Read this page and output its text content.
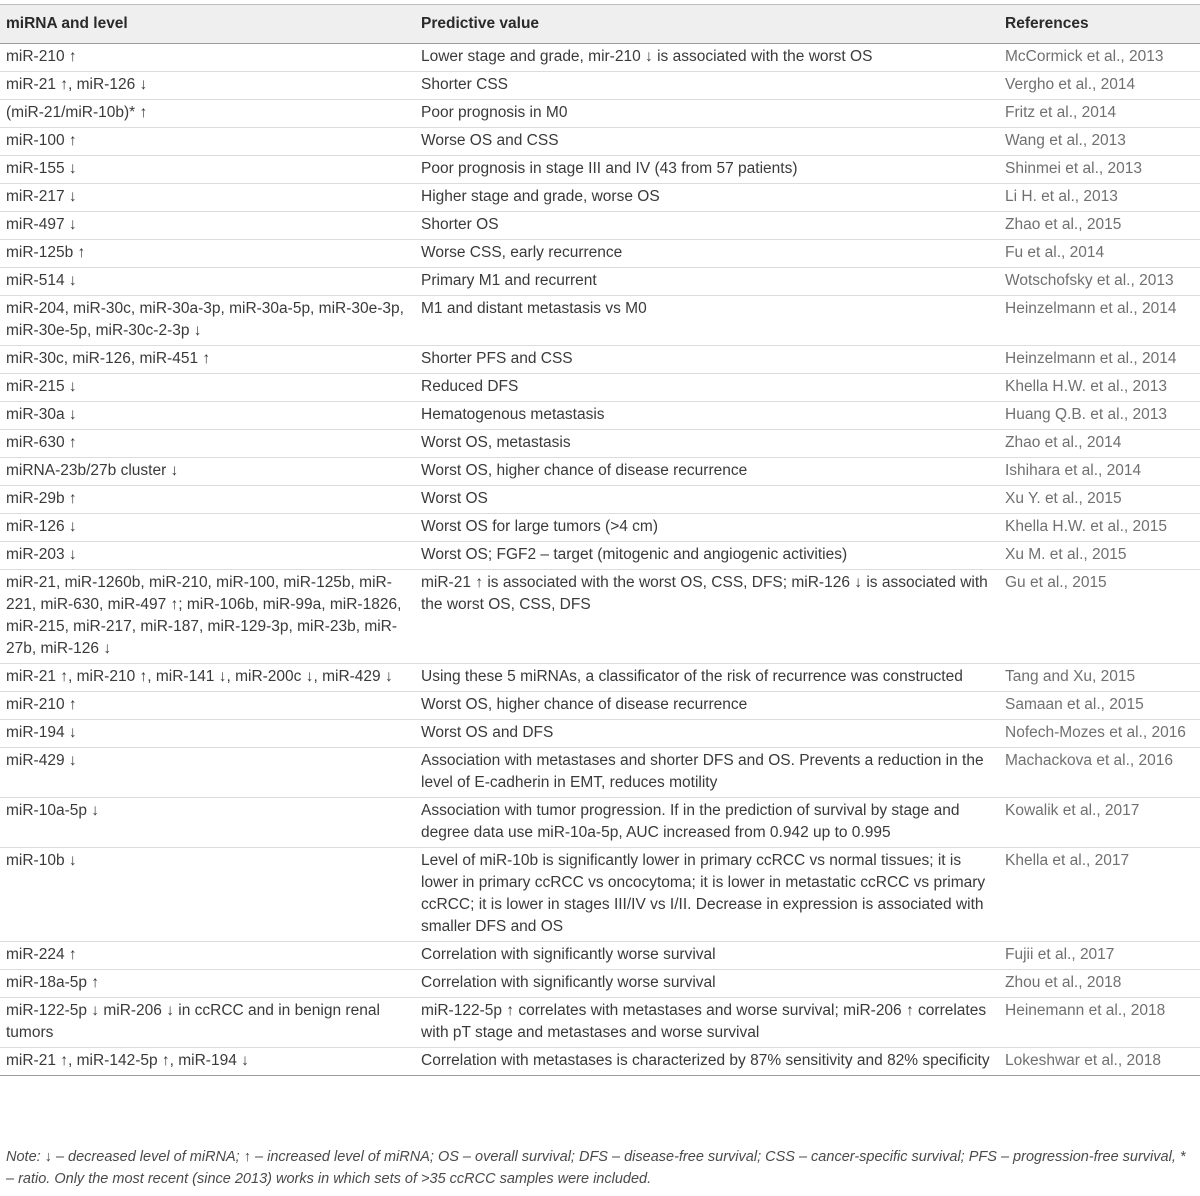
miRNA and level	Predictive value	References
miR-210 ↑	Lower stage and grade, mir-210 ↓ is associated with the worst OS	McCormick et al., 2013
miR-21 ↑, miR-126 ↓	Shorter CSS	Vergho et al., 2014
(miR-21/miR-10b)* ↑	Poor prognosis in M0	Fritz et al., 2014
miR-100 ↑	Worse OS and CSS	Wang et al., 2013
miR-155 ↓	Poor prognosis in stage III and IV (43 from 57 patients)	Shinmei et al., 2013
miR-217 ↓	Higher stage and grade, worse OS	Li H. et al., 2013
miR-497 ↓	Shorter OS	Zhao et al., 2015
miR-125b ↑	Worse CSS, early recurrence	Fu et al., 2014
miR-514 ↓	Primary M1 and recurrent	Wotschofsky et al., 2013
miR-204, miR-30c, miR-30a-3p, miR-30a-5p, miR-30e-3p, miR-30e-5p, miR-30c-2-3p ↓	M1 and distant metastasis vs M0	Heinzelmann et al., 2014
miR-30c, miR-126, miR-451 ↑	Shorter PFS and CSS	Heinzelmann et al., 2014
miR-215 ↓	Reduced DFS	Khella H.W. et al., 2013
miR-30a ↓	Hematogenous metastasis	Huang Q.B. et al., 2013
miR-630 ↑	Worst OS, metastasis	Zhao et al., 2014
miRNA-23b/27b cluster ↓	Worst OS, higher chance of disease recurrence	Ishihara et al., 2014
miR-29b ↑	Worst OS	Xu Y. et al., 2015
miR-126 ↓	Worst OS for large tumors (>4 cm)	Khella H.W. et al., 2015
miR-203 ↓	Worst OS; FGF2 – target (mitogenic and angiogenic activities)	Xu M. et al., 2015
miR-21, miR-1260b, miR-210, miR-100, miR-125b, miR-221, miR-630, miR-497 ↑; miR-106b, miR-99a, miR-1826, miR-215, miR-217, miR-187, miR-129-3p, miR-23b, miR-27b, miR-126 ↓	miR-21 ↑ is associated with the worst OS, CSS, DFS; miR-126 ↓ is associated with the worst OS, CSS, DFS	Gu et al., 2015
miR-21 ↑, miR-210 ↑, miR-141 ↓, miR-200c ↓, miR-429 ↓	Using these 5 miRNAs, a classificator of the risk of recurrence was constructed	Tang and Xu, 2015
miR-210 ↑	Worst OS, higher chance of disease recurrence	Samaan et al., 2015
miR-194 ↓	Worst OS and DFS	Nofech-Mozes et al., 2016
miR-429 ↓	Association with metastases and shorter DFS and OS. Prevents a reduction in the level of E-cadherin in EMT, reduces motility	Machackova et al., 2016
miR-10a-5p ↓	Association with tumor progression. If in the prediction of survival by stage and degree data use miR-10a-5p, AUC increased from 0.942 up to 0.995	Kowalik et al., 2017
miR-10b ↓	Level of miR-10b is significantly lower in primary ccRCC vs normal tissues; it is lower in primary ccRCC vs oncocytoma; it is lower in metastatic ccRCC vs primary ccRCC; it is lower in stages III/IV vs I/II. Decrease in expression is associated with smaller DFS and OS	Khella et al., 2017
miR-224 ↑	Correlation with significantly worse survival	Fujii et al., 2017
miR-18a-5p ↑	Correlation with significantly worse survival	Zhou et al., 2018
miR-122-5p ↓ miR-206 ↓ in ccRCC and in benign renal tumors	miR-122-5p ↑ correlates with metastases and worse survival; miR-206 ↑ correlates with pT stage and metastases and worse survival	Heinemann et al., 2018
miR-21 ↑, miR-142-5p ↑, miR-194 ↓	Correlation with metastases is characterized by 87% sensitivity and 82% specificity	Lokeshwar et al., 2018
Note: ↓ – decreased level of miRNA; ↑ – increased level of miRNA; OS – overall survival; DFS – disease-free survival; CSS – cancer-specific survival; PFS – progression-free survival, * – ratio. Only the most recent (since 2013) works in which sets of >35 ccRCC samples were included.
